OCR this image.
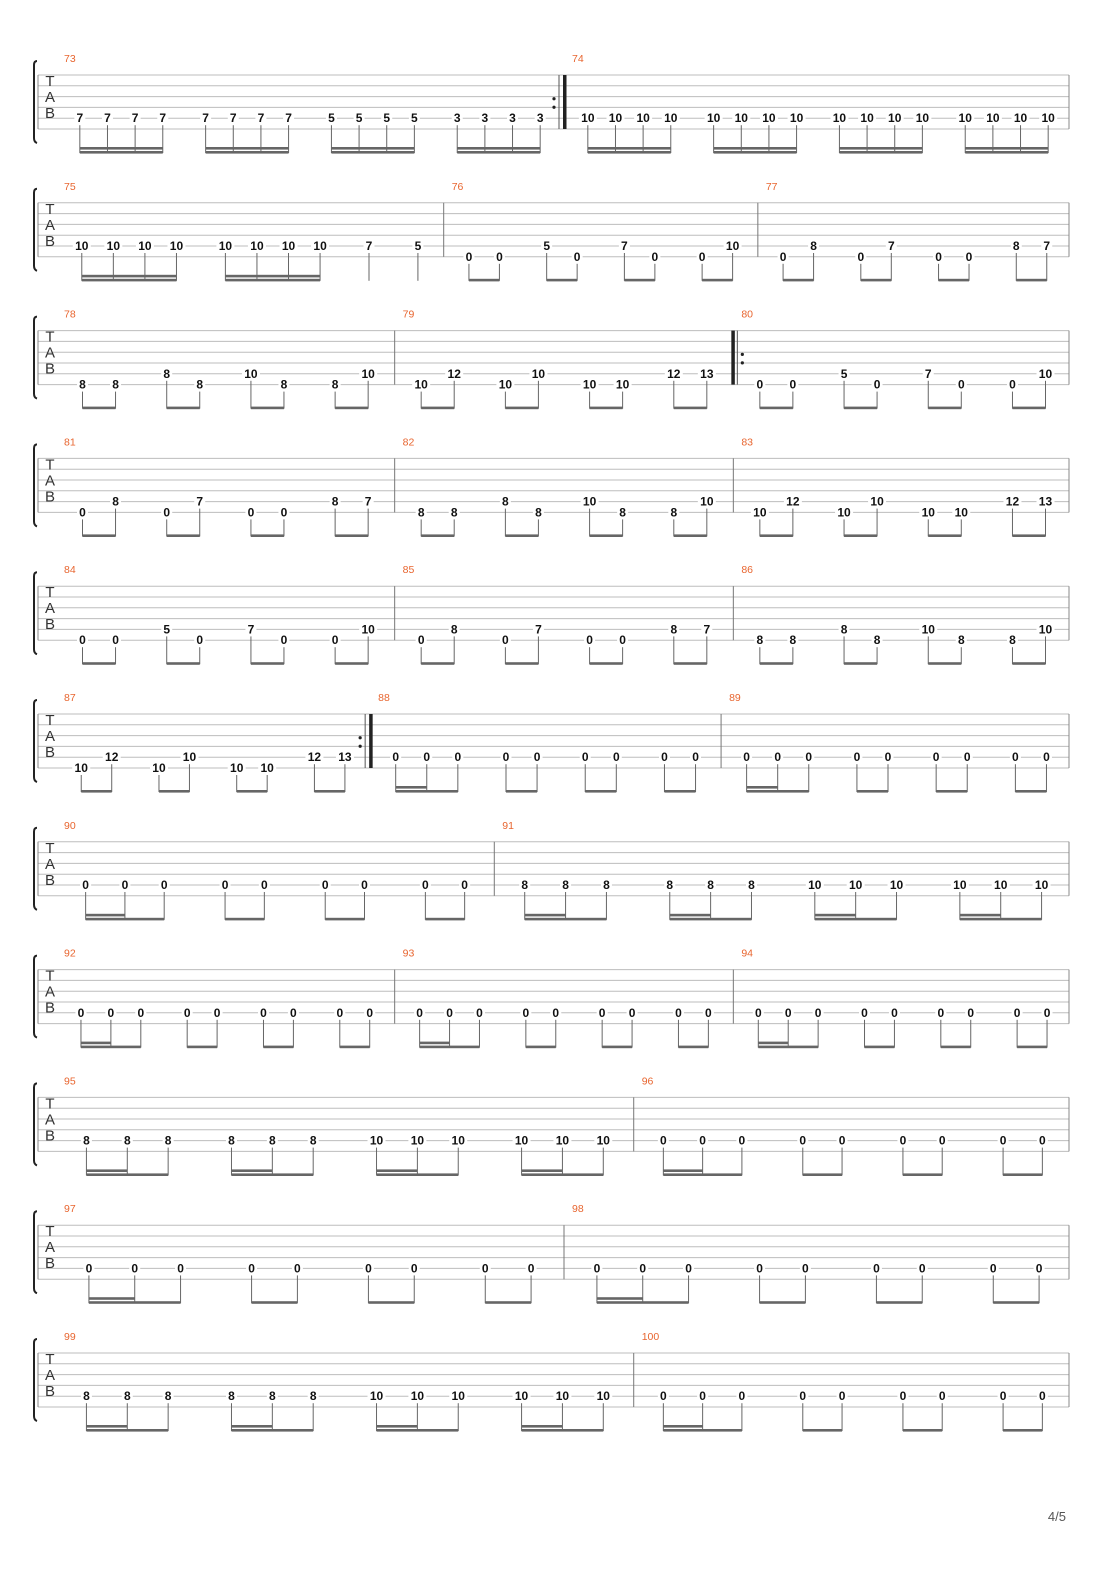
T
A
B
73
7 7 7 7	7 7 7 7	5 5 5 5	3 3 3 3
74
10 10 10 10 10 10 10 10 10 10 10 10 10 10 10 10
T
A
B
75
10 10 10 10	10 10 10 10	7	5
76
0 0
5
0
7
0	0
10
77
0
8
0
7
0 0
8 7
T
A
B
78
8 8
8
8
10
8	8
10
79
10
12
10
10
10 10
12 13
80
0 0
5
0
7
0	0
10
T
A
B
81
0
8
0
7
0 0
8 7
82
8 8
8
8
10
8	8
10
83
10
12
10
10
10 10
12 13
T
A
B
84
0 0
5
0
7
0	0
10
85
0
8
0
7
0 0
8 7
86
8 8
8
8
10
8	8
10
T
A
B
87
10
12
10
10
10 10
12 13
88
0 0 0	0 0	0 0	0 0
89
0 0 0	0 0	0 0	0 0
T
A
B
90
0	0	0	0	0	0	0	0	0
91
8	8	8	8	8	8	10 10 10	10 10 10
T
A
B
92
0 0 0	0 0	0 0	0 0
93
0 0 0	0 0	0 0	0 0
94
0 0 0	0 0	0 0	0 0
T
A
B
95
8	8	8	8	8	8	10 10 10	10 10 10
96
0	0	0	0	0	0	0	0	0
T
A
B
97
0	0	0	0	0	0	0	0	0
98
0	0	0	0	0	0	0	0	0
T
A
B
99
8	8	8	8	8	8	10 10 10	10 10 10
100
0	0	0	0	0	0	0	0	0
4/5
